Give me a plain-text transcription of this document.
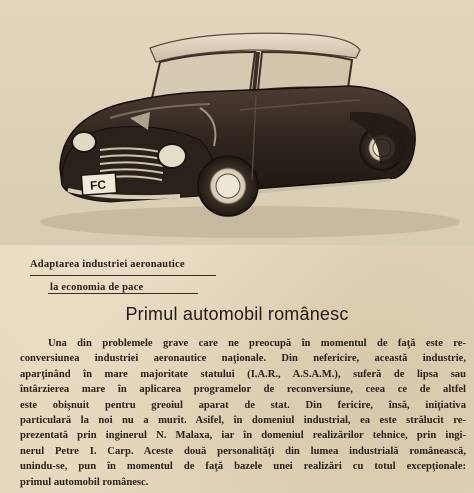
FC
Adaptarea industriei aeronautice
la economia de pace
Primul automobil românesc
Una din problemele grave care ne preocupă în momentul de faţă este re-
conversiunea industriei aeronautice naţionale. Din nefericire, această industrie,
aparţinând în mare majoritate statului (I.A.R., A.S.A.M.), suferă de lipsa sau
întârzierea mare în aplicarea programelor de reconversiune, ceea ce de altfel
este obişnuit pentru greoiul aparat de stat. Din fericire, însă, iniţiativa
particulară la noi nu a murit. Asifel, în domeniul industrial, ea este strălucit re-
prezentată prin inginerul N. Malaxa, iar în domeniul realizărilor tehnice, prin ingi-
nerul Petre I. Carp. Aceste două personalităţi din lumea industrială românească,
unindu-se, pun în momentul de faţă bazele unei realizări cu totul excepţionale:
primul automobil românesc.
